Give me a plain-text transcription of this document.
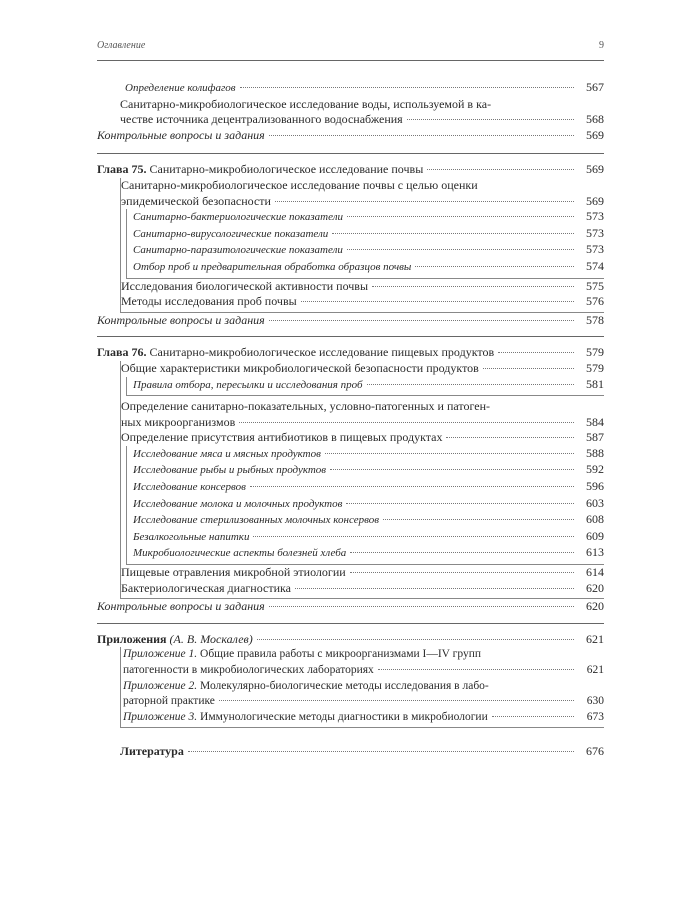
Оглавление	9
Определение колифагов	567
Санитарно-микробиологическое исследование воды, используемой в ка-
честве источника децентрализованного водоснабжения	568
Контрольные вопросы и задания	569
Глава 75. Санитарно-микробиологическое исследование почвы	569
Санитарно-микробиологическое исследование почвы с целью оценки
эпидемической безопасности	569
Санитарно-бактериологические показатели	573
Санитарно-вирусологические показатели	573
Санитарно-паразитологические показатели	573
Отбор проб и предварительная обработка образцов почвы	574
Исследования биологической активности почвы	575
Методы исследования проб почвы	576
Контрольные вопросы и задания	578
Глава 76. Санитарно-микробиологическое исследование пищевых продуктов	579
Общие характеристики микробиологической безопасности продуктов	579
Правила отбора, пересылки и исследования проб	581
Определение санитарно-показательных, условно-патогенных и патоген-
ных микроорганизмов	584
Определение присутствия антибиотиков в пищевых продуктах	587
Исследование мяса и мясных продуктов	588
Исследование рыбы и рыбных продуктов	592
Исследование консервов	596
Исследование молока и молочных продуктов	603
Исследование стерилизованных молочных консервов	608
Безалкогольные напитки	609
Микробиологические аспекты болезней хлеба	613
Пищевые отравления микробной этиологии	614
Бактериологическая диагностика	620
Контрольные вопросы и задания	620
Приложения (А. В. Москалев)	621
Приложение 1. Общие правила работы с микроорганизмами I—IV групп
патогенности в микробиологических лабораториях	621
Приложение 2. Молекулярно-биологические методы исследования в лабо-
раторной практике	630
Приложение 3. Иммунологические методы диагностики в микробиологии	673
Литература	676
